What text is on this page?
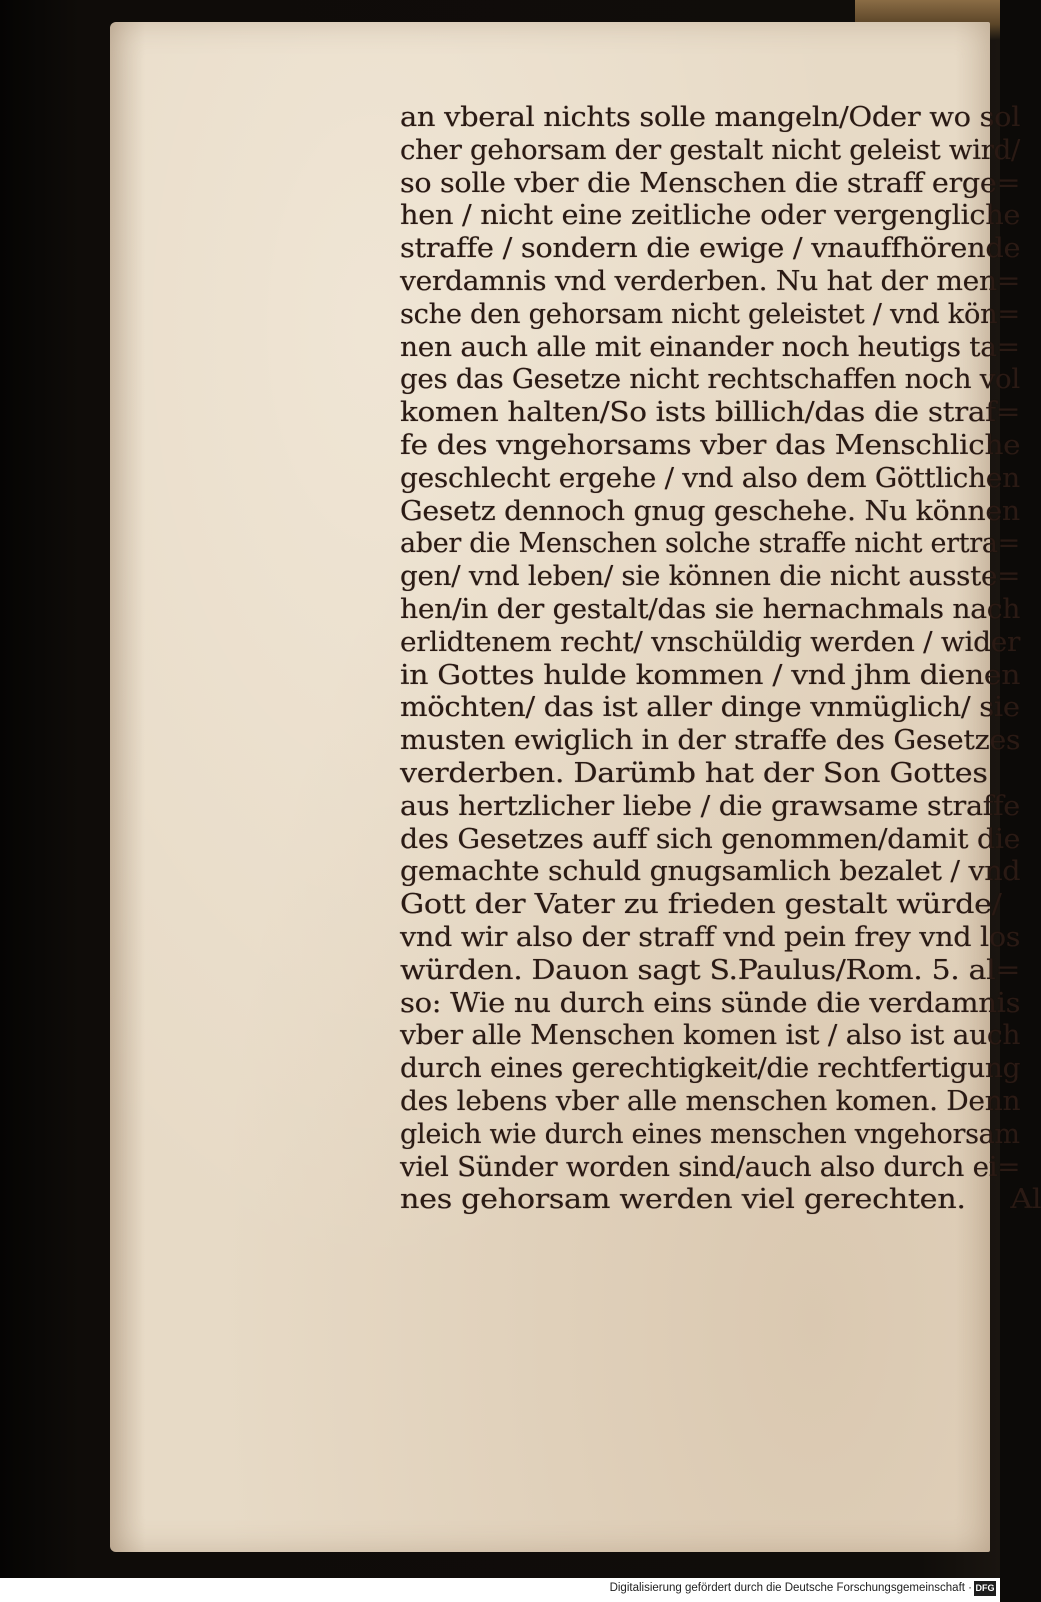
an vberal nichts solle mangeln/Oder wo sol
cher gehorsam der gestalt nicht geleist wird/
so solle vber die Menschen die straff erge=
hen / nicht eine zeitliche oder vergengliche
straffe / sondern die ewige / vnauffhörende
verdamnis vnd verderben. Nu hat der men=
sche den gehorsam nicht geleistet / vnd kön=
nen auch alle mit einander noch heutigs ta=
ges das Gesetze nicht rechtschaffen noch vol
komen halten/So ists billich/das die straf=
fe des vngehorsams vber das Menschliche
geschlecht ergehe / vnd also dem Göttlichen
Gesetz dennoch gnug geschehe. Nu können
aber die Menschen solche straffe nicht ertra=
gen/ vnd leben/ sie können die nicht ausste=
hen/in der gestalt/das sie hernachmals nach
erlidtenem recht/ vnschüldig werden / wider
in Gottes hulde kommen / vnd jhm dienen
möchten/ das ist aller dinge vnmüglich/ sie
musten ewiglich in der straffe des Gesetzes
verderben. Darümb hat der Son Gottes
aus hertzlicher liebe / die grawsame straffe
des Gesetzes auff sich genommen/damit die
gemachte schuld gnugsamlich bezalet / vnd
Gott der Vater zu frieden gestalt würde/
vnd wir also der straff vnd pein frey vnd los
würden. Dauon sagt S.Paulus/Rom. 5. al=
so: Wie nu durch eins sünde die verdamnis
vber alle Menschen komen ist / also ist auch
durch eines gerechtigkeit/die rechtfertigung
des lebens vber alle menschen komen. Denn
gleich wie durch eines menschen vngehorsam
viel Sünder worden sind/auch also durch ei=
nes gehorsam werden viel gerechten. Al
Digitalisierung gefördert durch die Deutsche Forschungsgemeinschaft · DFG
